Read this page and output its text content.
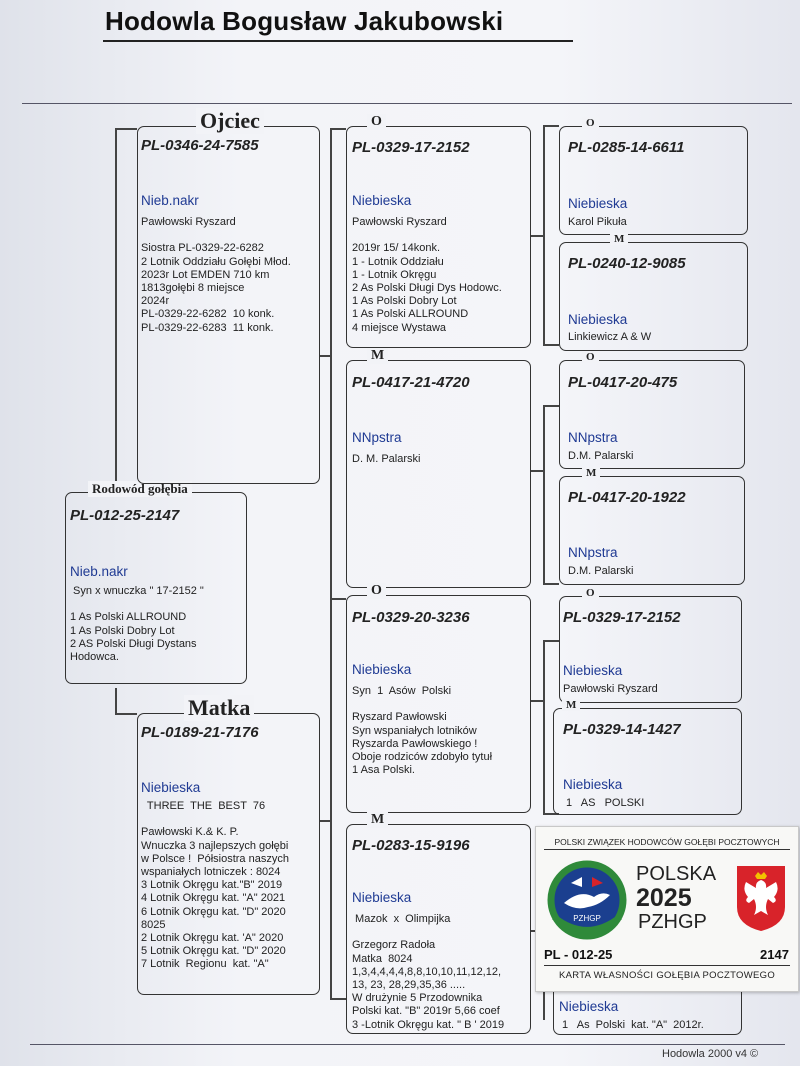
Hodowla Bogusław Jakubowski
Rodowód gołębia
PL-012-25-2147
Nieb.nakr
Syn x wnuczka " 17-2152 "

1 As Polski ALLROUND
1 As Polski Dobry Lot
2 AS Polski Długi Dystans
Hodowca.
Ojciec
PL-0346-24-7585
Nieb.nakr
Pawłowski Ryszard

Siostra PL-0329-22-6282
2 Lotnik Oddziału Gołębi Młod.
2023r Lot EMDEN 710 km
1813gołębi 8 miejsce
2024r
PL-0329-22-6282  10 konk.
PL-0329-22-6283  11 konk.
Matka
PL-0189-21-7176
Niebieska
THREE  THE  BEST  76

Pawłowski K.& K. P.
Wnuczka 3 najlepszych gołębi
w Polsce !  Półsiostra naszych
wspaniałych lotniczek : 8024
3 Lotnik Okręgu kat."B" 2019
4 Lotnik Okręgu kat. "A" 2021
6 Lotnik Okręgu kat. "D" 2020
8025
2 Lotnik Okręgu kat. 'A" 2020
5 Lotnik Okręgu kat. "D" 2020
7 Lotnik  Regionu  kat. "A"
O
PL-0329-17-2152
Niebieska
Pawłowski Ryszard

2019r 15/ 14konk.
1 - Lotnik Oddziału
1 - Lotnik Okręgu
2 As Polski Długi Dys Hodowc.
1 As Polski Dobry Lot
1 As Polski ALLROUND
4 miejsce Wystawa
M
PL-0417-21-4720
NNpstra
D. M. Palarski
O
PL-0329-20-3236
Niebieska
Syn  1  Asów  Polski

Ryszard Pawłowski
Syn wspaniałych lotników
Ryszarda Pawłowskiego !
Oboje rodziców zdobyło tytuł
1 Asa Polski.
M
PL-0283-15-9196
Niebieska
Mazok  x  Olimpijka

Grzegorz Radoła
Matka  8024
1,3,4,4,4,4,8,8,10,10,11,12,12,
13, 23, 28,29,35,36 .....
W drużynie 5 Przodownika
Polski kat. "B" 2019r 5,66 coef
3 -Lotnik Okręgu kat. " B ' 2019
O
PL-0285-14-6611
Niebieska
Karol Pikuła
M
PL-0240-12-9085
Niebieska
Linkiewicz A & W
O
PL-0417-20-475
NNpstra
D.M. Palarski
M
PL-0417-20-1922
NNpstra
D.M. Palarski
O
PL-0329-17-2152
Niebieska
Pawłowski Ryszard
M
PL-0329-14-1427
Niebieska
1   AS   POLSKI
Niebieska
1   As  Polski  kat. "A"  2012r.
POLSKI ZWIĄZEK HODOWCÓW GOŁĘBI POCZTOWYCH
PZHGP
POLSKA
2025
PZHGP
PL - 012-25	2147
KARTA WŁASNOŚCI GOŁĘBIA POCZTOWEGO
Hodowla 2000 v4 ©
